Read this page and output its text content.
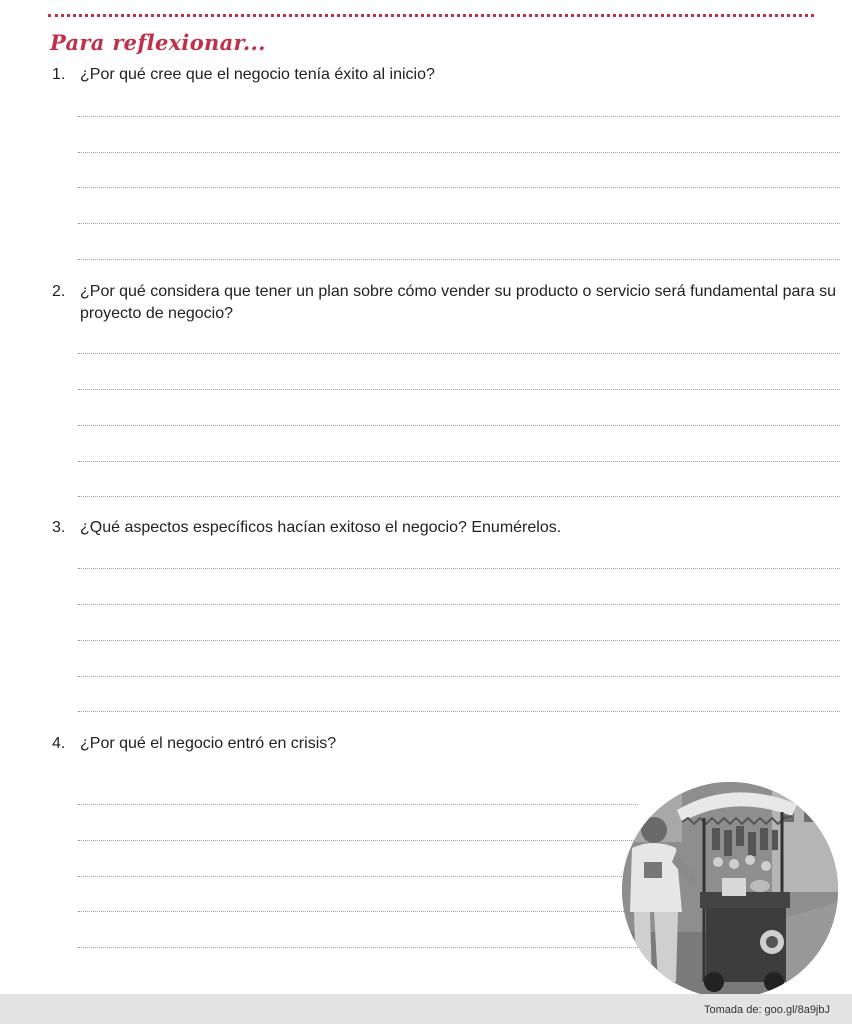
Para reflexionar...
1. ¿Por qué cree que el negocio tenía éxito al inicio?
2. ¿Por qué considera que tener un plan sobre cómo vender su producto o servicio será fundamental para su proyecto de negocio?
3. ¿Qué aspectos específicos hacían exitoso el negocio? Enumérelos.
4. ¿Por qué el negocio entró en crisis?
Tomada de: goo.gl/8a9jbJ
